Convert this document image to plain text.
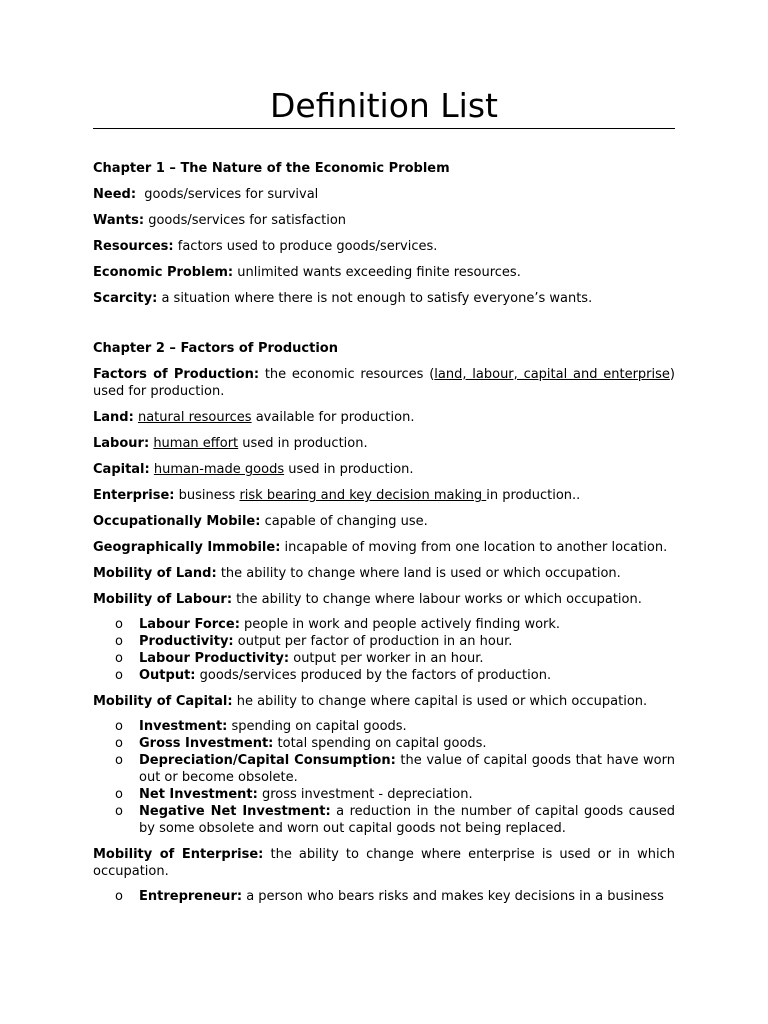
Definition List

Chapter 1 – The Nature of the Economic Problem

Need:  goods/services for survival

Wants: goods/services for satisfaction

Resources: factors used to produce goods/services.

Economic Problem: unlimited wants exceeding finite resources.

Scarcity: a situation where there is not enough to satisfy everyone’s wants.

Chapter 2 – Factors of Production

Factors of Production: the economic resources (land, labour, capital and enterprise) used for production.

Land: natural resources available for production.

Labour: human effort used in production.

Capital: human-made goods used in production.

Enterprise: business risk bearing and key decision making in production..

Occupationally Mobile: capable of changing use.

Geographically Immobile: incapable of moving from one location to another location.

Mobility of Land: the ability to change where land is used or which occupation.

Mobility of Labour: the ability to change where labour works or which occupation.

o Labour Force: people in work and people actively finding work.
o Productivity: output per factor of production in an hour.
o Labour Productivity: output per worker in an hour.
o Output: goods/services produced by the factors of production.

Mobility of Capital: he ability to change where capital is used or which occupation.

o Investment: spending on capital goods.
o Gross Investment: total spending on capital goods.
o Depreciation/Capital Consumption: the value of capital goods that have worn out or become obsolete.
o Net Investment: gross investment - depreciation.
o Negative Net Investment: a reduction in the number of capital goods caused by some obsolete and worn out capital goods not being replaced.

Mobility of Enterprise: the ability to change where enterprise is used or in which occupation.

o Entrepreneur: a person who bears risks and makes key decisions in a business
